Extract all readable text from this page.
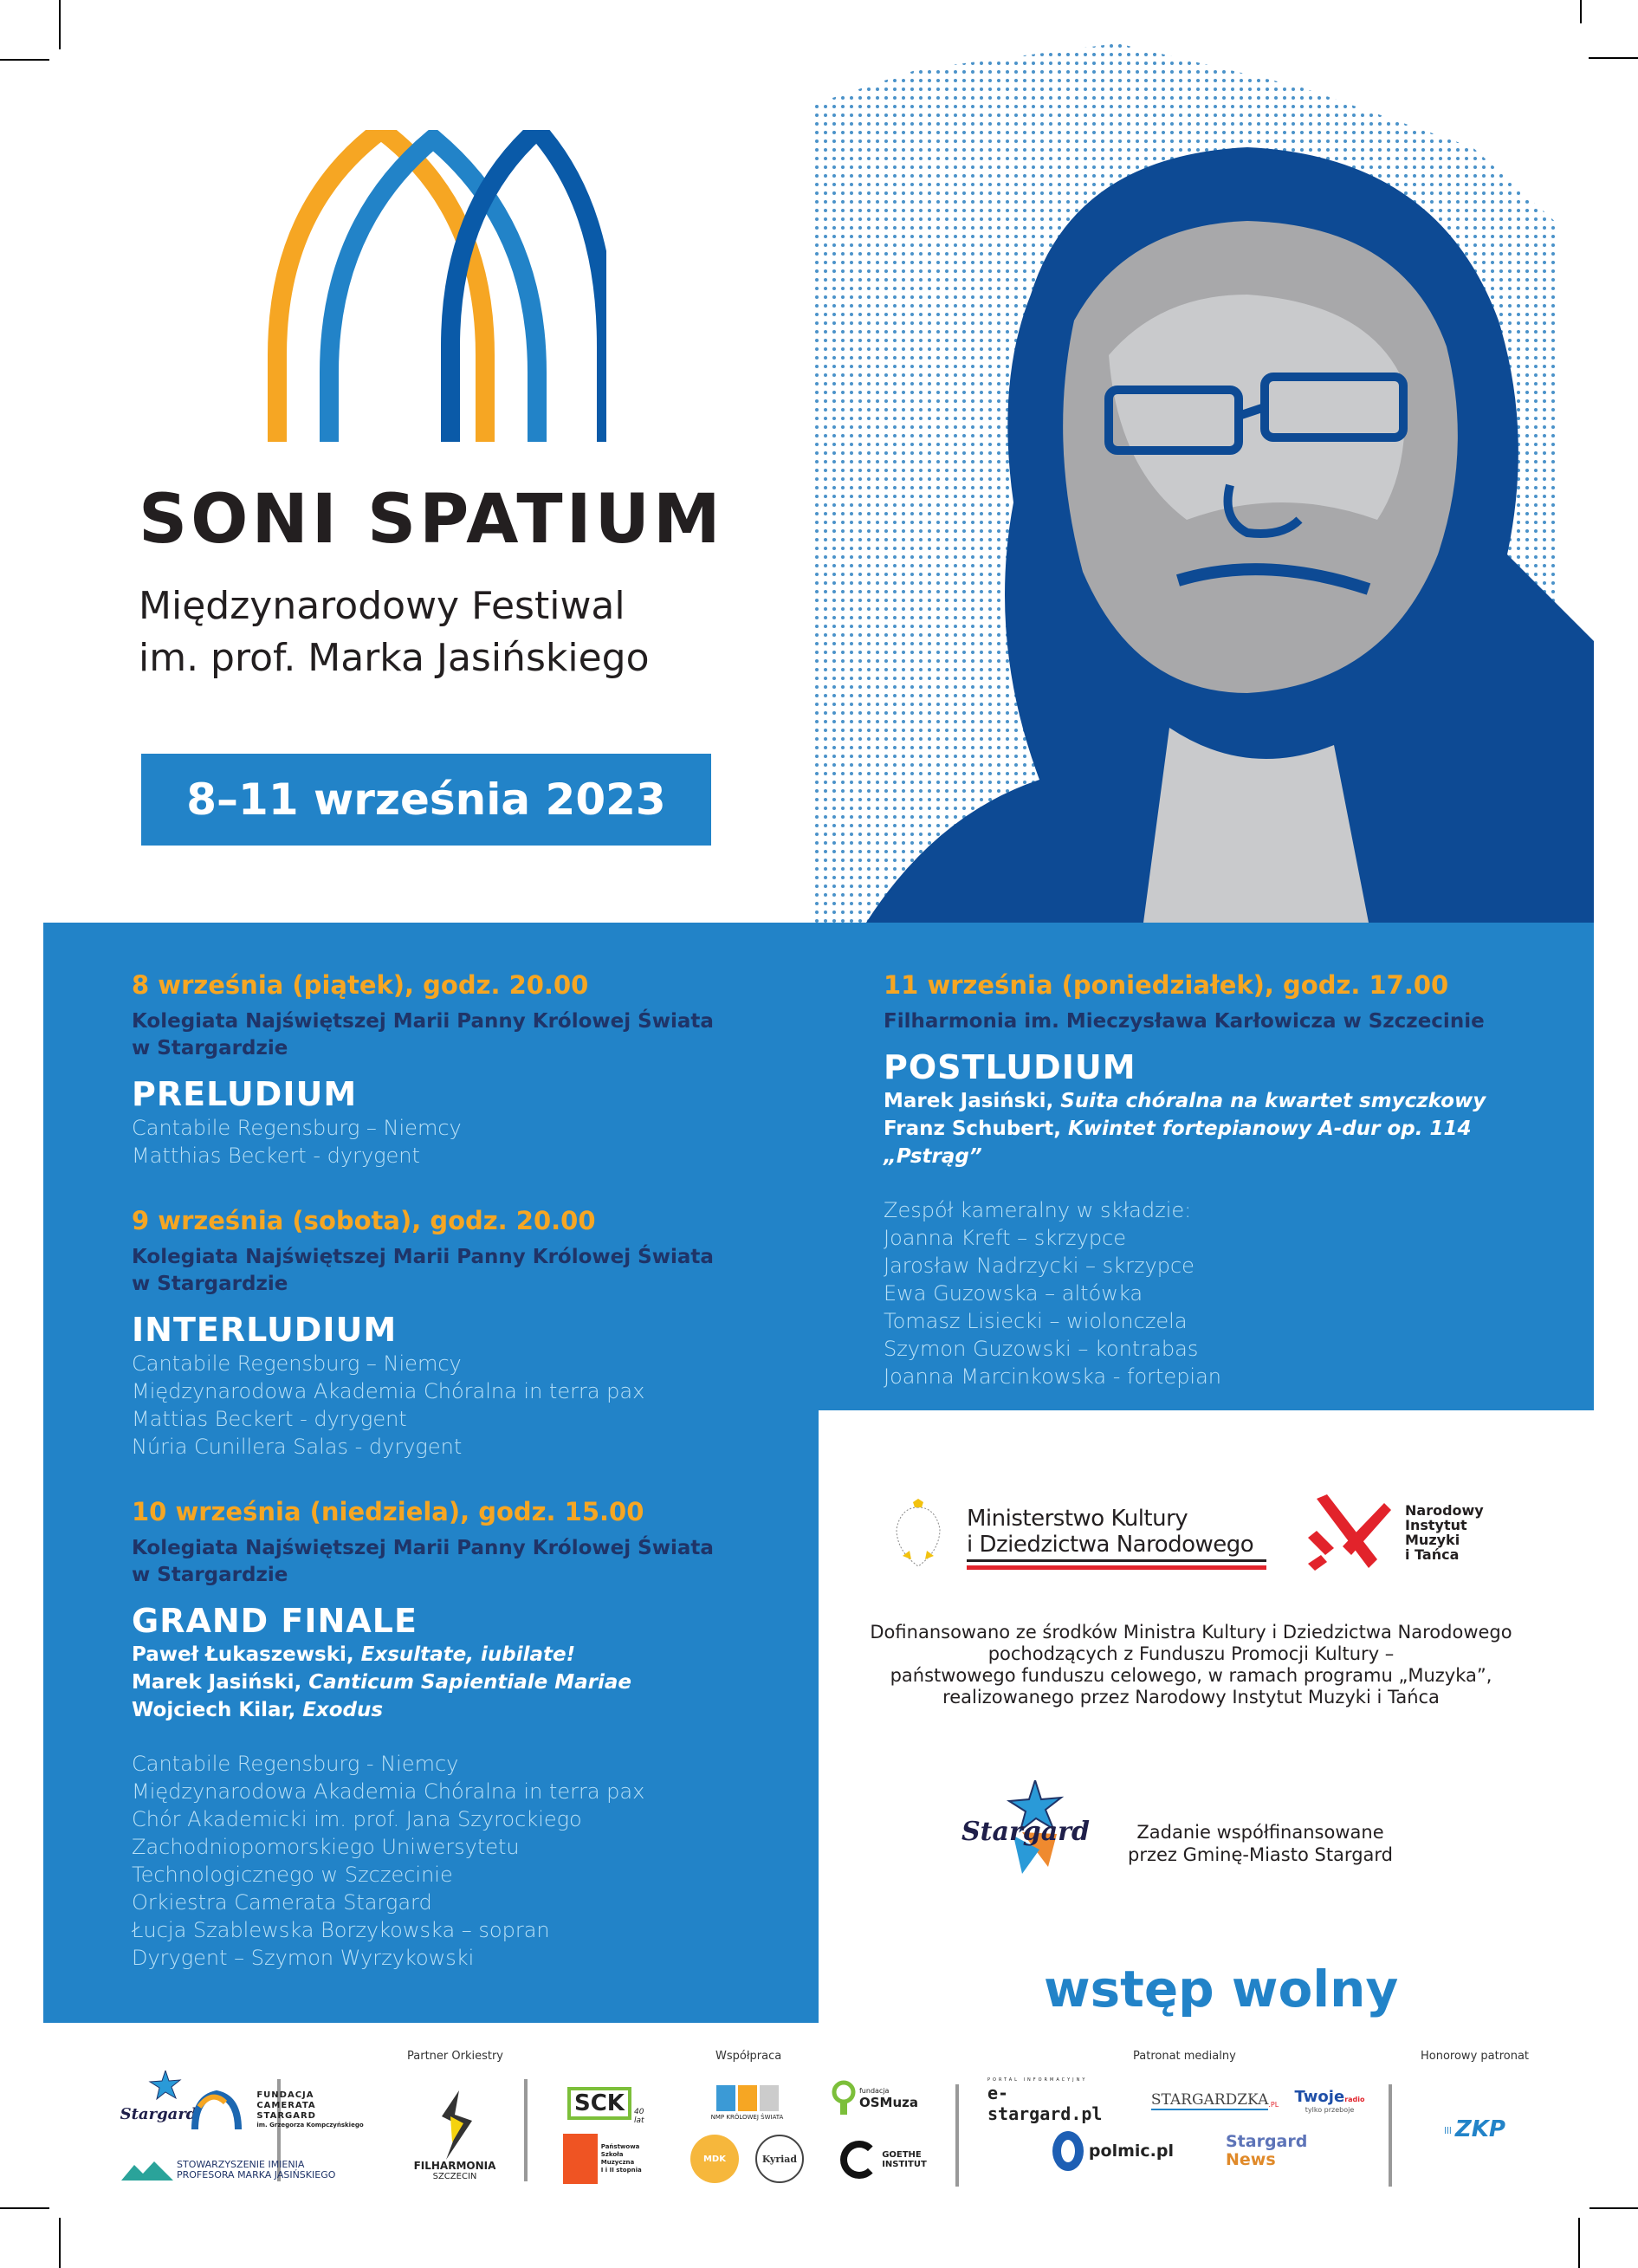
SONI SPATIUM
Międzynarodowy Festiwal
im. prof. Marka Jasińskiego
8–11 września 2023
8 września (piątek), godz. 20.00
Kolegiata Najświętszej Marii Panny Królowej Świata
w Stargardzie
PRELUDIUM
Cantabile Regensburg – Niemcy
Matthias Beckert - dyrygent
9 września (sobota), godz. 20.00
Kolegiata Najświętszej Marii Panny Królowej Świata
w Stargardzie
INTERLUDIUM
Cantabile Regensburg – Niemcy
Międzynarodowa Akademia Chóralna in terra pax
Mattias Beckert - dyrygent
Núria Cunillera Salas - dyrygent
10 września (niedziela), godz. 15.00
Kolegiata Najświętszej Marii Panny Królowej Świata
w Stargardzie
GRAND FINALE
Paweł Łukaszewski, Exsultate, iubilate!
Marek Jasiński, Canticum Sapientiale Mariae
Wojciech Kilar, Exodus
Cantabile Regensburg - Niemcy
Międzynarodowa Akademia Chóralna in terra pax
Chór Akademicki im. prof. Jana Szyrockiego
Zachodniopomorskiego Uniwersytetu
Technologicznego w Szczecinie
Orkiestra Camerata Stargard
Łucja Szablewska Borzykowska – sopran
Dyrygent – Szymon Wyrzykowski
11 września (poniedziałek), godz. 17.00
Filharmonia im. Mieczysława Karłowicza w Szczecinie
POSTLUDIUM
Marek Jasiński, Suita chóralna na kwartet smyczkowy
Franz Schubert, Kwintet fortepianowy A-dur op. 114 „Pstrąg”
Zespół kameralny w składzie:
Joanna Kreft – skrzypce
Jarosław Nadrzycki – skrzypce
Ewa Guzowska – altówka
Tomasz Lisiecki – wiolonczela
Szymon Guzowski – kontrabas
Joanna Marcinkowska - fortepian
Ministerstwo Kultury
i Dziedzictwa Narodowego
Narodowy
Instytut
Muzyki
i Tańca
Dofinansowano ze środków Ministra Kultury i Dziedzictwa Narodowego
pochodzących z Funduszu Promocji Kultury –
państwowego funduszu celowego, w ramach programu „Muzyka”,
realizowanego przez Narodowy Instytut Muzyki i Tańca
Stargard	Zadanie współfinansowane
przez Gminę-Miasto Stargard
wstęp wolny
Partner Orkiestry	Współpraca	Patronat medialny	Honorowy patronat
Stargard
FUNDACJA
CAMERATA
STARGARD
im. Grzegorza Kompczyńskiego
STOWARZYSZENIE IMIENIA
PROFESORA MARKA JASIŃSKIEGO
FILHARMONIA
SZCZECIN
SCK	40 lat	NMP KRÓLOWEJ ŚWIATA
fundacja
OSMuza
Państwowa
Szkoła Muzyczna
I i II stopnia
MDK	Kyriad	GOETHE
INSTITUT
PORTAL INFORMACYJNY
e-stargard.pl
STARGARDZKA .PL Twojeradio
tylko przeboje
polmic.pl	Stargard
News
||| ZKP
